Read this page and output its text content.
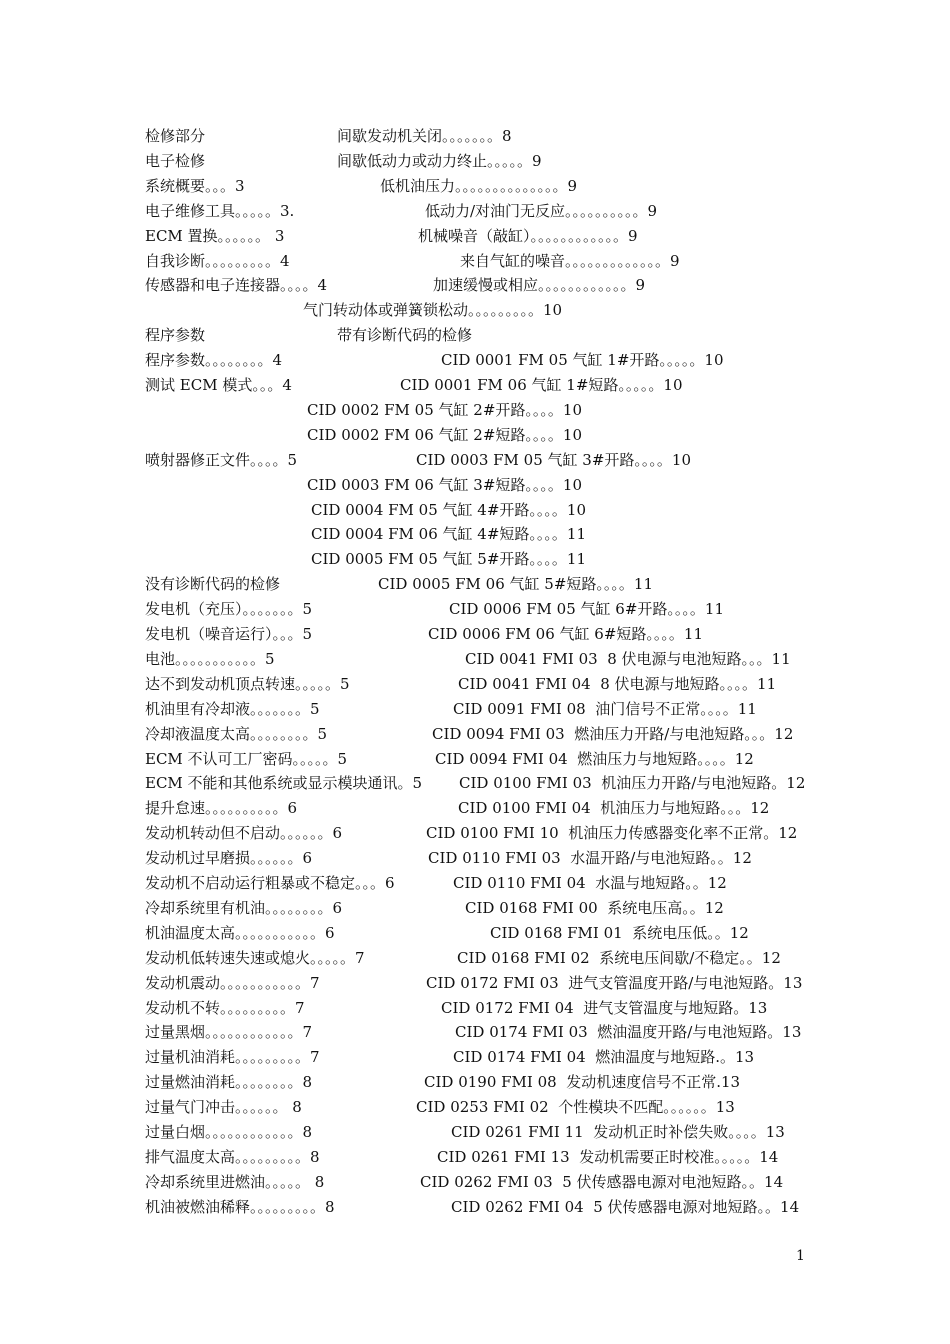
检修部分	间歇发动机关闭。。。。。。。8
电子检修	间歇低动力或动力终止。。。。。9
系统概要。。。3	低机油压力。。。。。。。。。。。。。。9
电子维修工具。。。。。3.	低动力/对油门无反应。。。。。。。。。。9
ECM 置换。。。。。。 3	机械噪音（敲缸）。。。。。。。。。。。。9
自我诊断。。。。。。。。。4	来自气缸的噪音。。。。。。。。。。。。。9
传感器和电子连接器。。。。4	加速缓慢或相应。。。。。。。。。。。。9
气门转动体或弹簧锁松动。。。。。。。。。10
程序参数	带有诊断代码的检修
程序参数。。。。。。。。4	CID 0001 FM 05 气缸 1#开路。。。。。10
测试 ECM 模式。。。4	CID 0001 FM 06 气缸 1#短路。。。。。10
CID 0002 FM 05 气缸 2#开路。。。。10
CID 0002 FM 06 气缸 2#短路。。。。10
喷射器修正文件。。。。5	CID 0003 FM 05 气缸 3#开路。。。。10
CID 0003 FM 06 气缸 3#短路。。。。10
CID 0004 FM 05 气缸 4#开路。。。。10
CID 0004 FM 06 气缸 4#短路。。。。11
CID 0005 FM 05 气缸 5#开路。。。。11
没有诊断代码的检修	CID 0005 FM 06 气缸 5#短路。。。。11
发电机（充压）。。。。。。。5	CID 0006 FM 05 气缸 6#开路。。。。11
发电机（噪音运行）。。。5	CID 0006 FM 06 气缸 6#短路。。。。11
电池。。。。。。。。。。。5	CID 0041 FMI 03  8 伏电源与电池短路。。。11
达不到发动机顶点转速。。。。。5	CID 0041 FMI 04  8 伏电源与地短路。。。。11
机油里有冷却液。。。。。。。5	CID 0091 FMI 08  油门信号不正常。。。。11
冷却液温度太高。。。。。。。。5	CID 0094 FMI 03  燃油压力开路/与电池短路。。。12
ECM 不认可工厂密码。。。。。5	CID 0094 FMI 04  燃油压力与地短路。。。。12
ECM 不能和其他系统或显示模块通讯。5 CID 0100 FMI 03  机油压力开路/与电池短路。12
提升怠速。。。。。。。。。。6	CID 0100 FMI 04  机油压力与地短路。。。12
发动机转动但不启动。。。。。。6	CID 0100 FMI 10  机油压力传感器变化率不正常。12
发动机过早磨损。。。。。。6	CID 0110 FMI 03  水温开路/与电池短路。。12
发动机不启动运行粗暴或不稳定。。。6	CID 0110 FMI 04  水温与地短路。。12
冷却系统里有机油。。。。。。。。6	CID 0168 FMI 00  系统电压高。。12
机油温度太高。。。。。。。。。。。6	CID 0168 FMI 01  系统电压低。。12
发动机低转速失速或熄火。。。。。7	CID 0168 FMI 02  系统电压间歇/不稳定。。12
发动机震动。。。。。。。。。。。7	CID 0172 FMI 03  进气支管温度开路/与电池短路。13
发动机不转。。。。。。。。。7	CID 0172 FMI 04  进气支管温度与地短路。13
过量黑烟。。。。。。。。。。。。7	CID 0174 FMI 03  燃油温度开路/与电池短路。13
过量机油消耗。。。。。。。。。7	CID 0174 FMI 04  燃油温度与地短路.。13
过量燃油消耗。。。。。。。。8	CID 0190 FMI 08  发动机速度信号不正常.13
过量气门冲击。。。。。。 8	CID 0253 FMI 02  个性模块不匹配。。。。。。13
过量白烟。。。。。。。。。。。。8	CID 0261 FMI 11  发动机正时补偿失败。。。。13
排气温度太高。。。。。。。。。8	CID 0261 FMI 13  发动机需要正时校准。。。。。14
冷却系统里进燃油。。。。。 8	CID 0262 FMI 03  5 伏传感器电源对电池短路。。14
机油被燃油稀释。。。。。。。。。8	CID 0262 FMI 04  5 伏传感器电源对地短路。。14
1
